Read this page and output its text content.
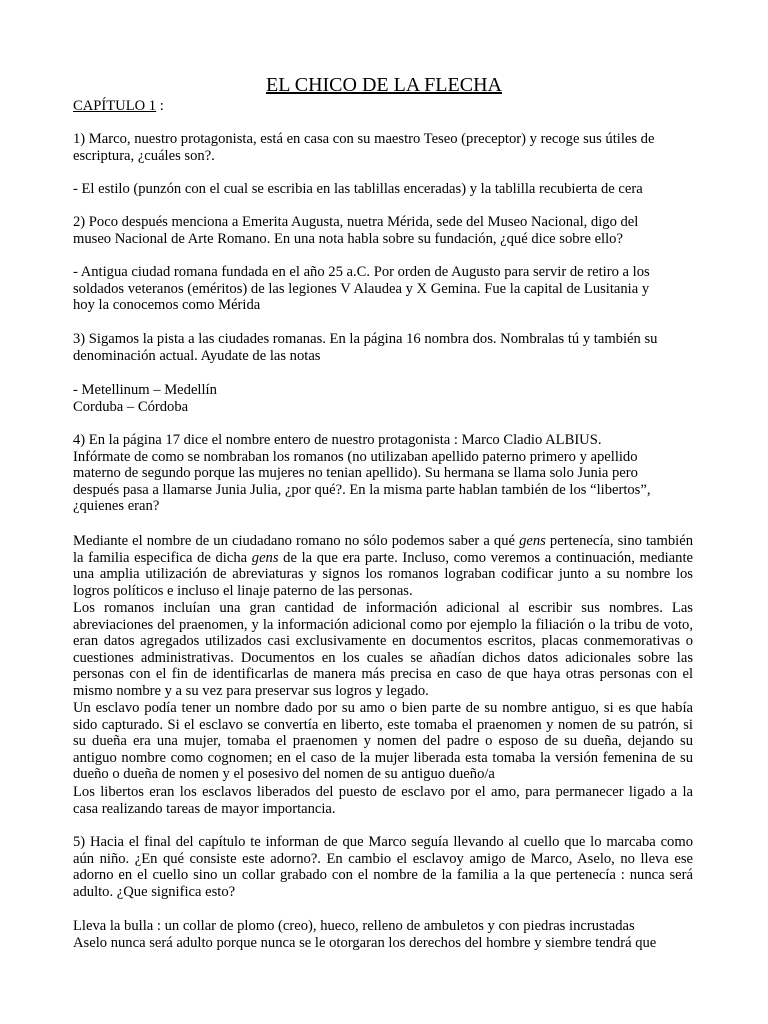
EL CHICO DE LA FLECHA

CAPÍTULO 1 :

1) Marco, nuestro protagonista, está en casa con su maestro Teseo (preceptor) y recoge sus útiles de
escriptura, ¿cuáles son?.

- El estilo (punzón con el cual se escribia en las tablillas enceradas) y la tablilla recubierta de cera

2) Poco después menciona a Emerita Augusta, nuetra Mérida, sede del Museo Nacional, digo del
museo Nacional de Arte Romano. En una nota habla sobre su fundación, ¿qué dice sobre ello?

- Antigua ciudad romana fundada en el año 25 a.C. Por orden de Augusto para servir de retiro a los
soldados veteranos (eméritos) de las legiones V Alaudea y X Gemina. Fue la capital de Lusitania y
hoy la conocemos como Mérida

3) Sigamos la pista a las ciudades romanas. En la página 16 nombra dos. Nombralas tú y también su
denominación actual. Ayudate de las notas

- Metellinum – Medellín

Corduba – Córdoba

4) En la página 17 dice el nombre entero de nuestro protagonista : Marco Cladio ALBIUS.
Infórmate de como se nombraban los romanos (no utilizaban apellido paterno primero y apellido
materno de segundo porque las mujeres no tenian apellido). Su hermana se llama solo Junia pero
después pasa a llamarse Junia Julia, ¿por qué?. En la misma parte hablan también de los “libertos”,
¿quienes eran?

Mediante el nombre de un ciudadano romano no sólo podemos saber a qué gens pertenecía, sino también la familia especifica de dicha gens de la que era parte. Incluso, como veremos a continuación, mediante una amplia utilización de abreviaturas y signos los romanos lograban codificar junto a su nombre los logros políticos e incluso el linaje paterno de las personas.

Los romanos incluían una gran cantidad de información adicional al escribir sus nombres. Las abreviaciones del praenomen, y la información adicional como por ejemplo la filiación o la tribu de voto, eran datos agregados utilizados casi exclusivamente en documentos escritos, placas conmemorativas o cuestiones administrativas. Documentos en los cuales se añadían dichos datos adicionales sobre las personas con el fin de identificarlas de manera más precisa en caso de que haya otras personas con el mismo nombre y a su vez para preservar sus logros y legado.

Un esclavo podía tener un nombre dado por su amo o bien parte de su nombre antiguo, si es que había sido capturado. Si el esclavo se convertía en liberto, este tomaba el praenomen y nomen de su patrón, si su dueña era una mujer, tomaba el praenomen y nomen del padre o esposo de su dueña, dejando su antiguo nombre como cognomen; en el caso de la mujer liberada esta tomaba la versión femenina de su dueño o dueña de nomen y el posesivo del nomen de su antiguo dueño/a

Los libertos eran los esclavos liberados del puesto de esclavo por el amo, para permanecer ligado a la casa realizando tareas de mayor importancia.

5) Hacia el final del capítulo te informan de que Marco seguía llevando al cuello que lo marcaba como aún niño. ¿En qué consiste este adorno?. En cambio el esclavoy amigo de Marco, Aselo, no lleva ese adorno en el cuello sino un collar grabado con el nombre de la familia a la que pertenecía : nunca será adulto. ¿Que significa esto?

Lleva la bulla : un collar de plomo (creo), hueco, relleno de ambuletos y con piedras incrustadas

Aselo nunca será adulto porque nunca se le otorgaran los derechos del hombre y siembre tendrá que
